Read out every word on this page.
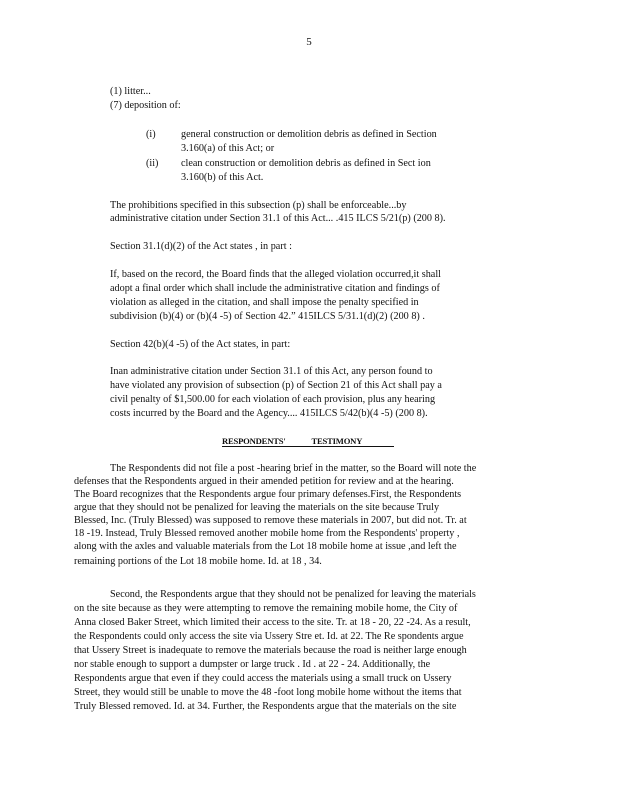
5
(1) litter...
(7) deposition of:
(i) general construction or demolition debris as defined in Section
3.160(a) of this Act; or
(ii) clean construction or demolition debris as defined in Sect ion
3.160(b) of this Act.
The prohibitions specified in this subsection (p) shall be enforceable...by
administrative citation under Section 31.1 of this Act... .415 ILCS 5/21(p) (200 8).
Section 31.1(d)(2) of the Act states , in part :
If, based on the record, the Board finds that the alleged violation occurred,it shall
adopt a final order which shall include the administrative citation and findings of
violation as alleged in the citation, and shall impose the penalty specified in
subdivision (b)(4) or (b)(4 -5) of Section 42.” 415ILCS 5/31.1(d)(2) (200 8) .
Section 42(b)(4 -5) of the Act states, in part:
Inan administrative citation under Section 31.1 of this Act, any person found to
have violated any provision of subsection (p) of Section 21 of this Act shall pay a
civil penalty of $1,500.00 for each violation of each provision, plus any hearing
costs incurred by the Board and the Agency.... 415ILCS 5/42(b)(4 -5) (200 8).
RESPONDENTS'	TESTIMONY
The Respondents did not file a post -hearing brief in the matter, so the Board will note the
defenses that the Respondents argued in their amended petition for review and at the hearing.
The Board recognizes that the Respondents argue four primary defenses.First, the Respondents
argue that they should not be penalized for leaving the materials on the site because Truly
Blessed, Inc. (Truly Blessed) was supposed to remove these materials in 2007, but did not. Tr. at
18 -19. Instead, Truly Blessed removed another mobile home from the Respondents' property ,
along with the axles and valuable materials from the Lot 18 mobile home at issue ,and left the
remaining portions of the Lot 18 mobile home. Id. at 18 , 34.
Second, the Respondents argue that they should not be penalized for leaving the materials
on the site because as they were attempting to remove the remaining mobile home, the City of
Anna closed Baker Street, which limited their access to the site. Tr. at 18 - 20, 22 -24. As a result,
the Respondents could only access the site via Ussery Stre et. Id. at 22. The Re spondents argue
that Ussery Street is inadequate to remove the materials because the road is neither large enough
nor stable enough to support a dumpster or large truck . Id . at 22 - 24. Additionally, the
Respondents argue that even if they could access the materials using a small truck on Ussery
Street, they would still be unable to move the 48 -foot long mobile home without the items that
Truly Blessed removed. Id. at 34. Further, the Respondents argue that the materials on the site
